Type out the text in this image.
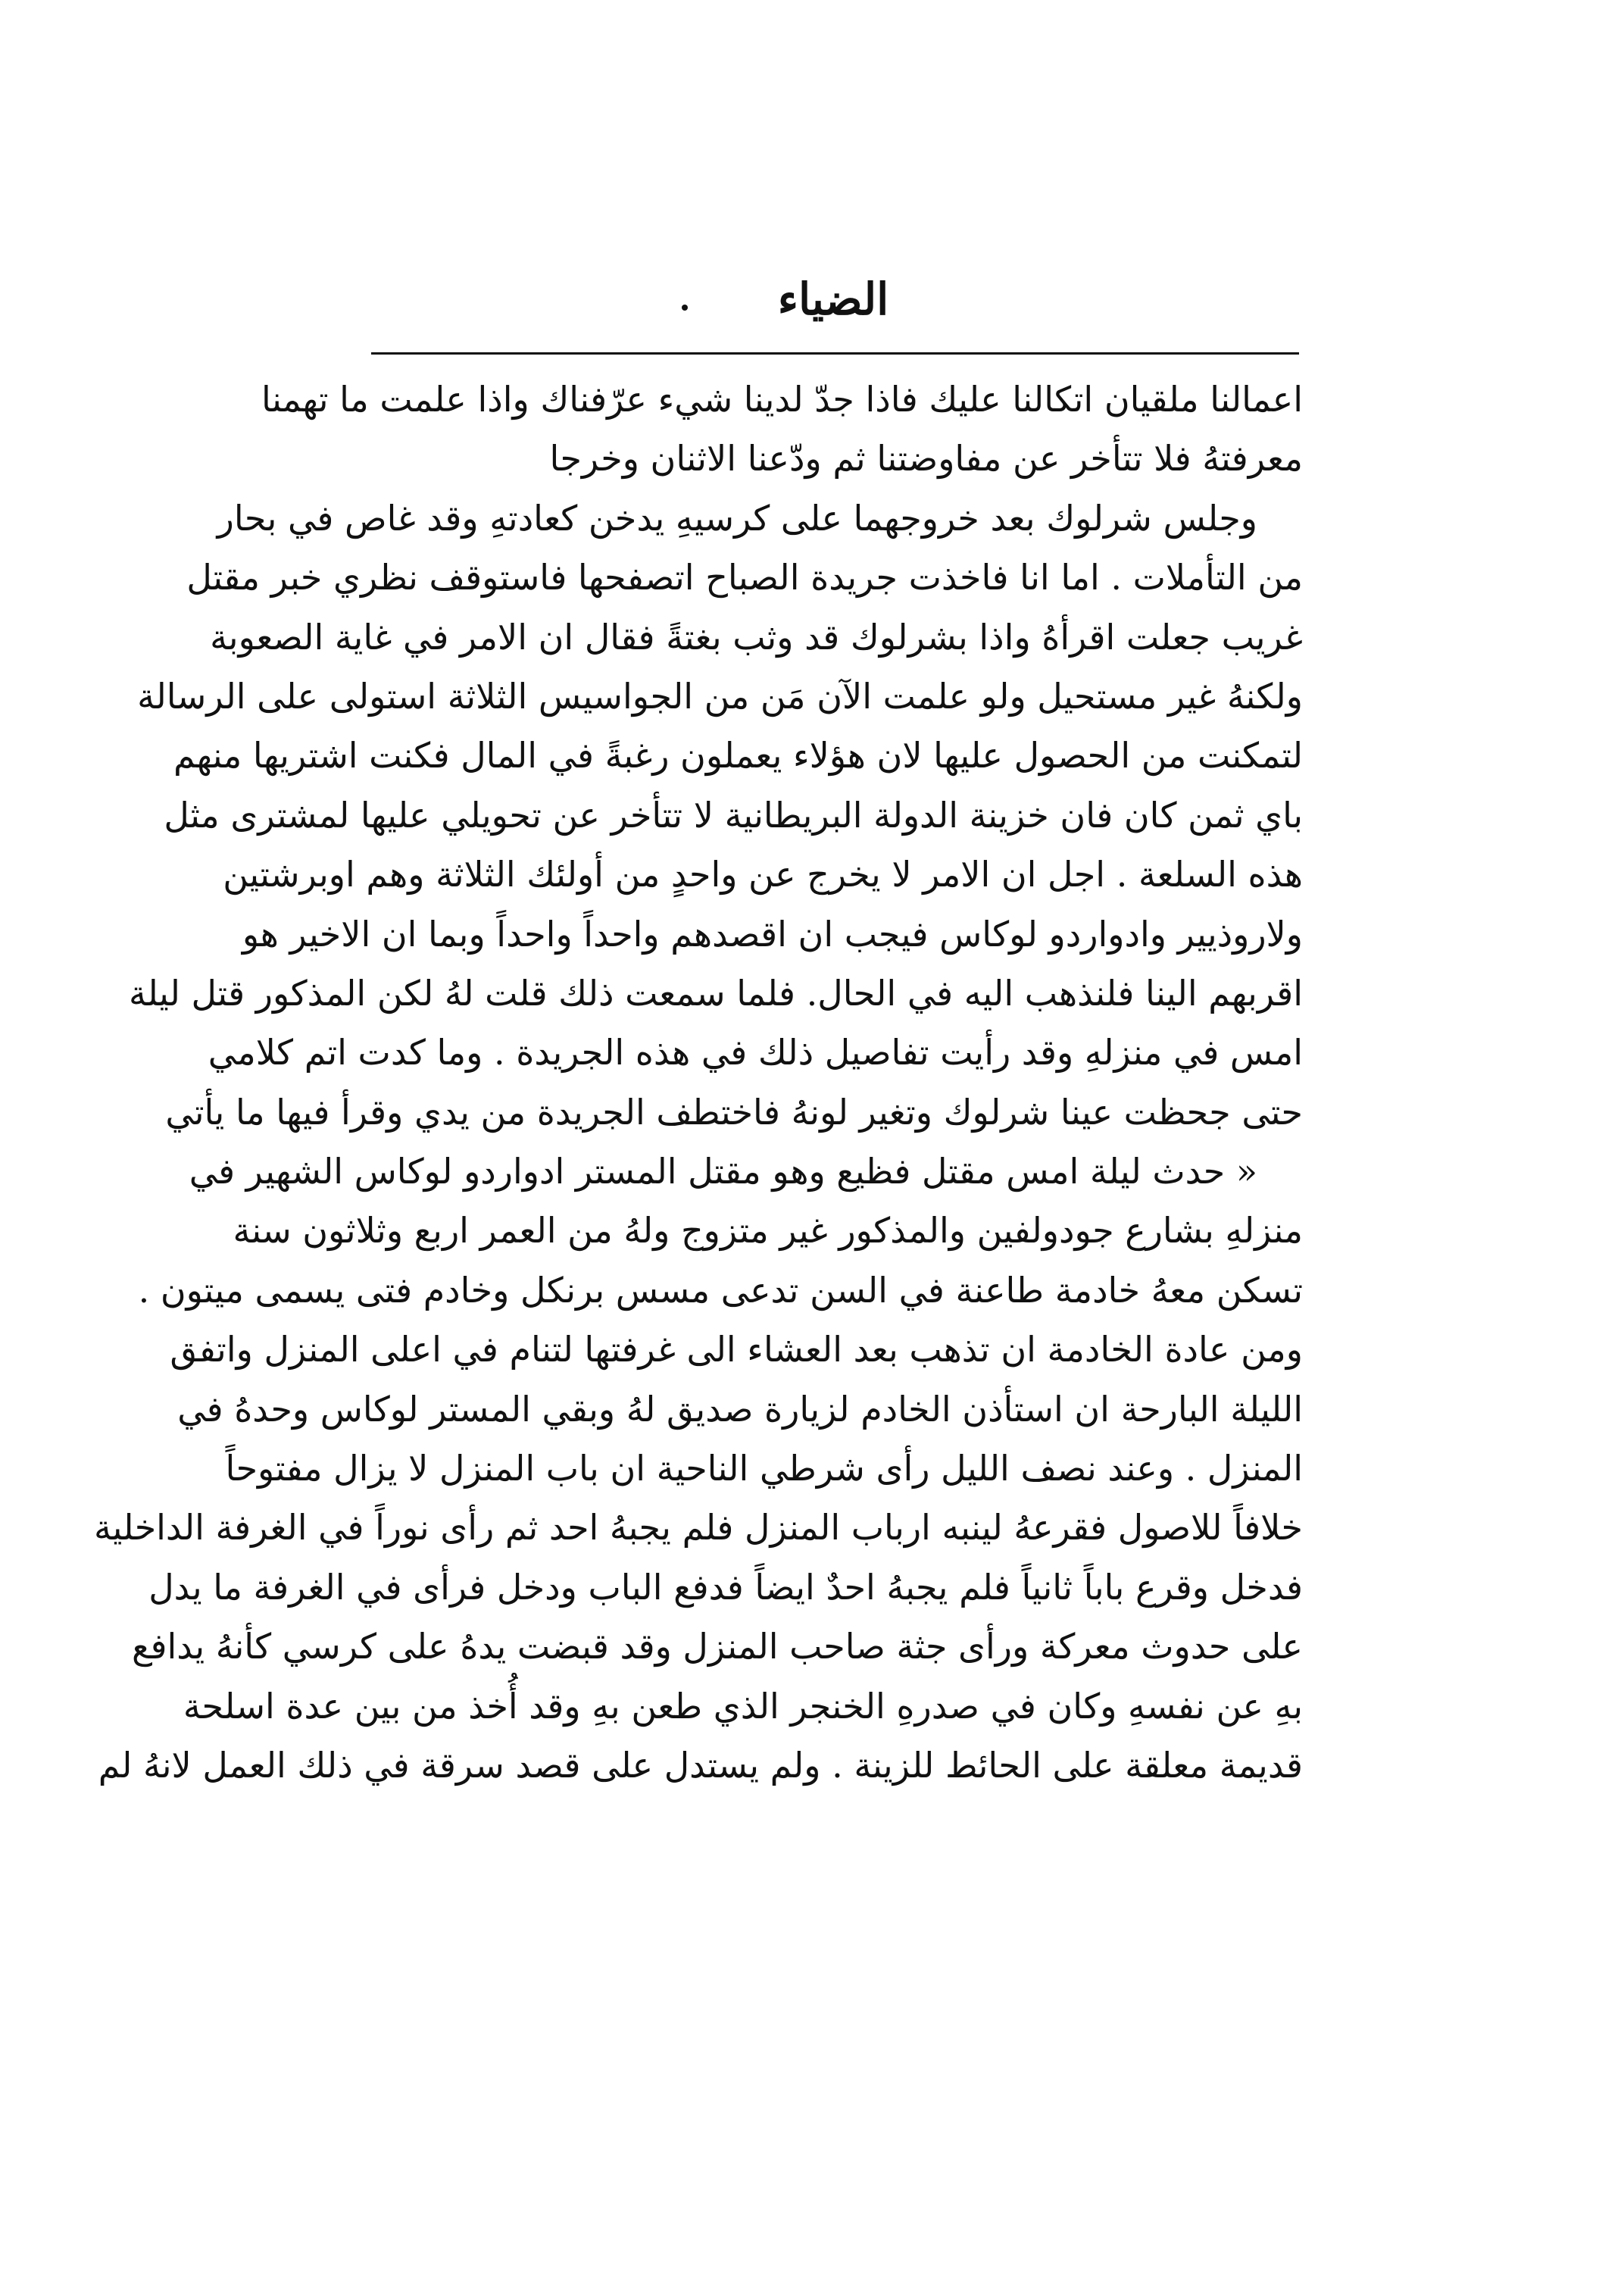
الضياء
اعمالنا ملقيان اتكالنا عليك فاذا جدّ لدينا شيء عرّفناك واذا علمت ما تهمنا
معرفتهُ فلا تتأخر عن مفاوضتنا ثم ودّعنا الاثنان وخرجا
وجلس شرلوك بعد خروجهما على كرسيهِ يدخن كعادتهِ وقد غاص في بحار
من التأملات . اما انا فاخذت جريدة الصباح اتصفحها فاستوقف نظري خبر مقتل
غريب جعلت اقرأهُ واذا بشرلوك قد وثب بغتةً فقال ان الامر في غاية الصعوبة
ولكنهُ غير مستحيل ولو علمت الآن مَن من الجواسيس الثلاثة استولى على الرسالة
لتمكنت من الحصول عليها لان هؤلاء يعملون رغبةً في المال فكنت اشتريها منهم
باي ثمن كان فان خزينة الدولة البريطانية لا تتأخر عن تحويلي عليها لمشترى مثل
هذه السلعة . اجل ان الامر لا يخرج عن واحدٍ من أولئك الثلاثة وهم اوبرشتين
ولاروذيير وادواردو لوكاس فيجب ان اقصدهم واحداً واحداً وبما ان الاخير هو
اقربهم الينا فلنذهب اليه في الحال. فلما سمعت ذلك قلت لهُ لكن المذكور قتل ليلة
امس في منزلهِ وقد رأيت تفاصيل ذلك في هذه الجريدة . وما كدت اتم كلامي
حتى جحظت عينا شرلوك وتغير لونهُ فاختطف الجريدة من يدي وقرأ فيها ما يأتي
« حدث ليلة امس مقتل فظيع وهو مقتل المستر ادواردو لوكاس الشهير في
منزلهِ بشارع جودولفين والمذكور غير متزوج ولهُ من العمر اربع وثلاثون سنة
تسكن معهُ خادمة طاعنة في السن تدعى مسس برنكل وخادم فتى يسمى ميتون .
ومن عادة الخادمة ان تذهب بعد العشاء الى غرفتها لتنام في اعلى المنزل واتفق
الليلة البارحة ان استأذن الخادم لزيارة صديق لهُ وبقي المستر لوكاس وحدهُ في
المنزل . وعند نصف الليل رأى شرطي الناحية ان باب المنزل لا يزال مفتوحاً
خلافاً للاصول فقرعهُ لينبه ارباب المنزل فلم يجبهُ احد ثم رأى نوراً في الغرفة الداخلية
فدخل وقرع باباً ثانياً فلم يجبهُ احدٌ ايضاً فدفع الباب ودخل فرأى في الغرفة ما يدل
على حدوث معركة ورأى جثة صاحب المنزل وقد قبضت يدهُ على كرسي كأنهُ يدافع
بهِ عن نفسهِ وكان في صدرهِ الخنجر الذي طعن بهِ وقد أُخذ من بين عدة اسلحة
قديمة معلقة على الحائط للزينة . ولم يستدل على قصد سرقة في ذلك العمل لانهُ لم
